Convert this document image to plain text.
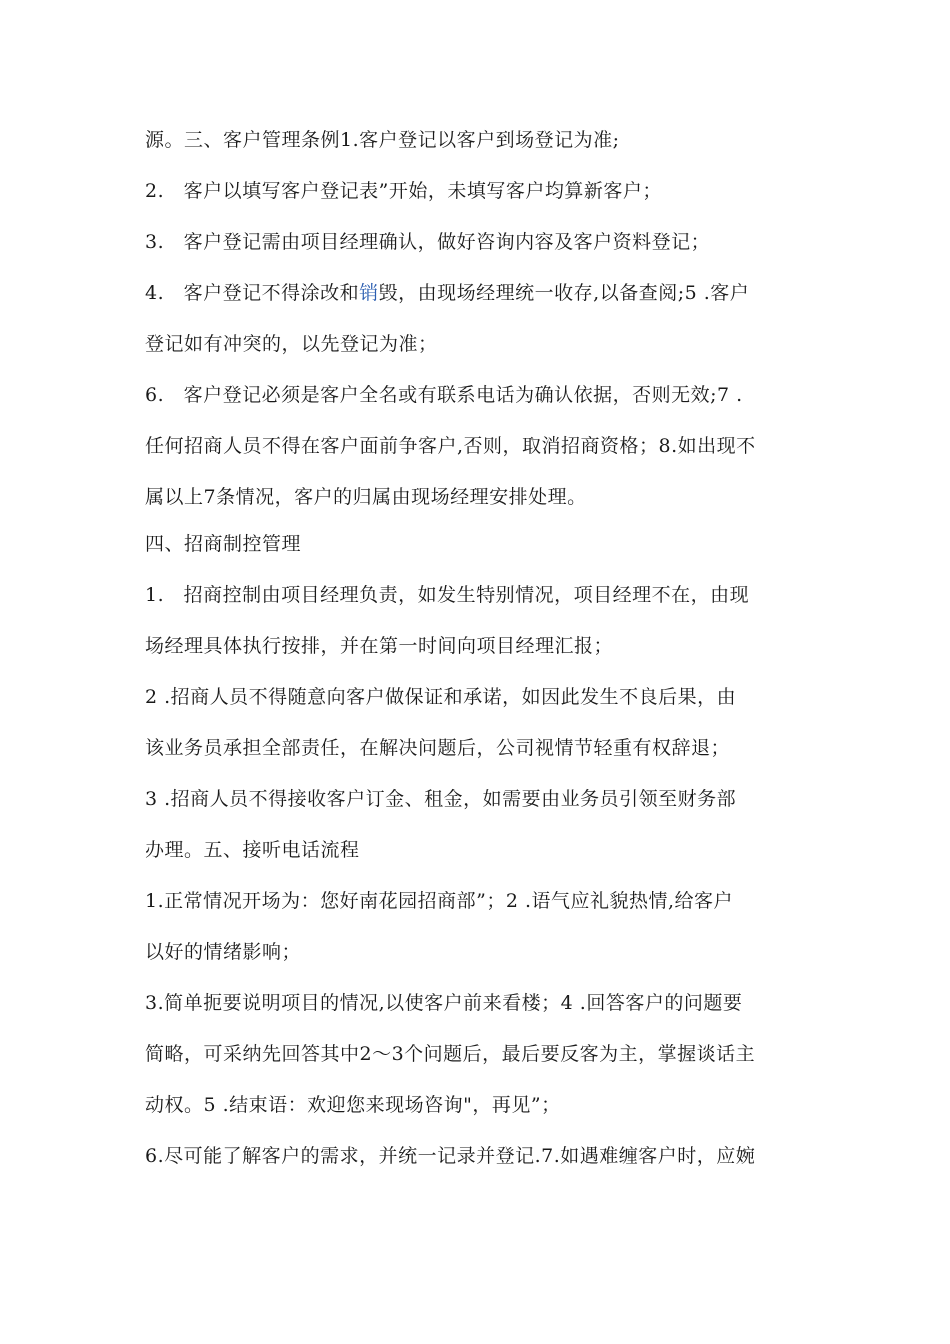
源。三、客户管理条例1.客户登记以客户到场登记为准;
2.　客户以填写客户登记表”开始，未填写客户均算新客户；
3.　客户登记需由项目经理确认，做好咨询内容及客户资料登记；
4.　客户登记不得涂改和销毁，由现场经理统一收存,以备查阅;5 .客户
登记如有冲突的，以先登记为准；
6.　客户登记必须是客户全名或有联系电话为确认依据，否则无效;7 .
任何招商人员不得在客户面前争客户,否则，取消招商资格；8.如出现不
属以上7条情况，客户的归属由现场经理安排处理。
四、招商制控管理
1.　招商控制由项目经理负责，如发生特别情况，项目经理不在，由现
场经理具体执行按排，并在第一时间向项目经理汇报；
2 .招商人员不得随意向客户做保证和承诺，如因此发生不良后果，由
该业务员承担全部责任，在解决问题后，公司视情节轻重有权辞退；
3 .招商人员不得接收客户订金、租金，如需要由业务员引领至财务部
办理。五、接听电话流程
1.正常情况开场为：您好南花园招商部”；2 .语气应礼貌热情,给客户
以好的情绪影响；
3.简单扼要说明项目的情况,以使客户前来看楼；4 .回答客户的问题要
简略，可采纳先回答其中2〜3个问题后，最后要反客为主，掌握谈话主
动权。5 .结束语：欢迎您来现场咨询"，再见”；
6.尽可能了解客户的需求，并统一记录并登记.7.如遇难缠客户时，应婉
